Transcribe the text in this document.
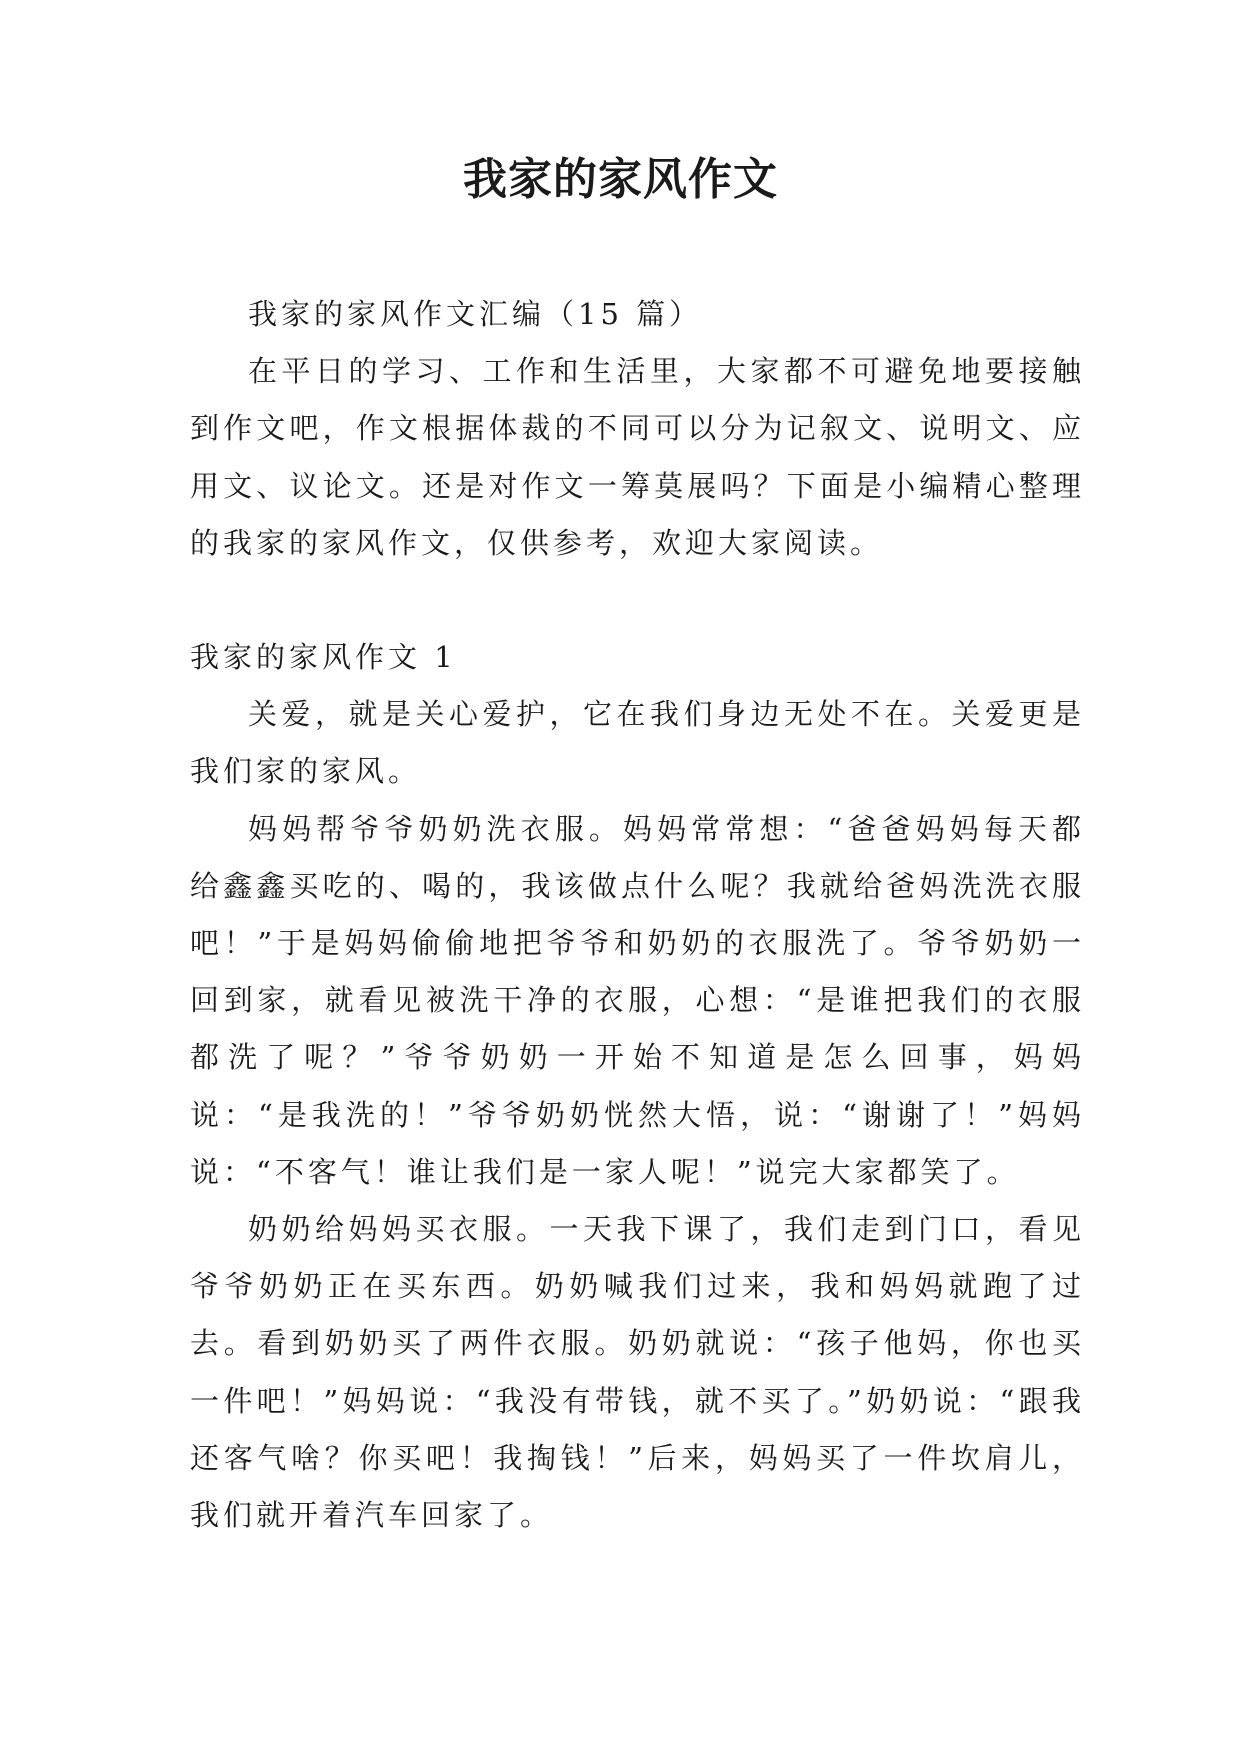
我家的家风作文

我家的家风作文汇编（15 篇）

在平日的学习、工作和生活里，大家都不可避免地要接触到作文吧，作文根据体裁的不同可以分为记叙文、说明文、应用文、议论文。还是对作文一筹莫展吗？下面是小编精心整理的我家的家风作文，仅供参考，欢迎大家阅读。

我家的家风作文 1

关爱，就是关心爱护，它在我们身边无处不在。关爱更是我们家的家风。

妈妈帮爷爷奶奶洗衣服。妈妈常常想：“爸爸妈妈每天都给鑫鑫买吃的、喝的，我该做点什么呢？我就给爸妈洗洗衣服吧！”于是妈妈偷偷地把爷爷和奶奶的衣服洗了。爷爷奶奶一回到家，就看见被洗干净的衣服，心想：“是谁把我们的衣服都洗了呢？”爷爷奶奶一开始不知道是怎么回事，妈妈说：“是我洗的！”爷爷奶奶恍然大悟，说：“谢谢了！”妈妈说：“不客气！谁让我们是一家人呢！”说完大家都笑了。

奶奶给妈妈买衣服。一天我下课了，我们走到门口，看见爷爷奶奶正在买东西。奶奶喊我们过来，我和妈妈就跑了过去。看到奶奶买了两件衣服。奶奶就说：“孩子他妈，你也买一件吧！”妈妈说：“我没有带钱，就不买了。”奶奶说：“跟我还客气啥？你买吧！我掏钱！”后来，妈妈买了一件坎肩儿，我们就开着汽车回家了。
